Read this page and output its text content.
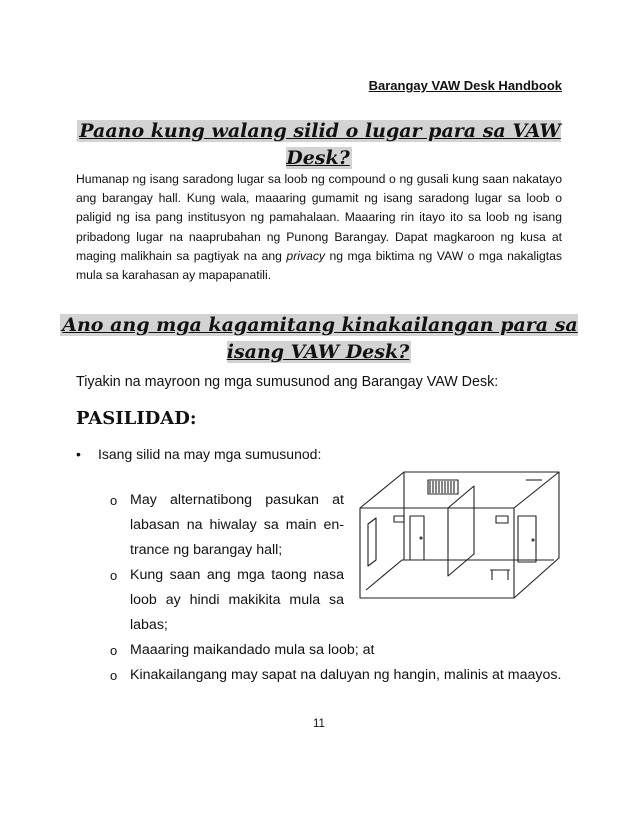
Barangay VAW Desk Handbook
Paano kung walang silid o lugar para sa VAW Desk?

Humanap ng isang saradong lugar sa loob ng compound o ng gusali kung saan nakatayo ang barangay hall. Kung wala, maaaring gumamit ng isang saradong lugar sa loob o paligid ng isa pang institusyon ng pamahalaan. Maaaring rin itayo ito sa loob ng isang pribadong lugar na naaprubahan ng Punong Barangay. Dapat magkaroon ng kusa at maging malikhain sa pagtiyak na ang privacy ng mga biktima ng VAW o mga nakaligtas mula sa karahasan ay mapapanatili.

Ano ang mga kagamitang kinakailangan para sa isang VAW Desk?

Tiyakin na mayroon ng mga sumusunod ang Barangay VAW Desk:

PASILIDAD:

• Isang silid na may mga sumusunod:

o May alternatibong pasukan at labasan na hiwalay sa main en-trance ng barangay hall;
o Kung saan ang mga taong nasa loob ay hindi makikita mula sa labas;
o Maaaring maikandado mula sa loob; at
o Kinakailangang may sapat na daluyan ng hangin, malinis at maayos.
11
